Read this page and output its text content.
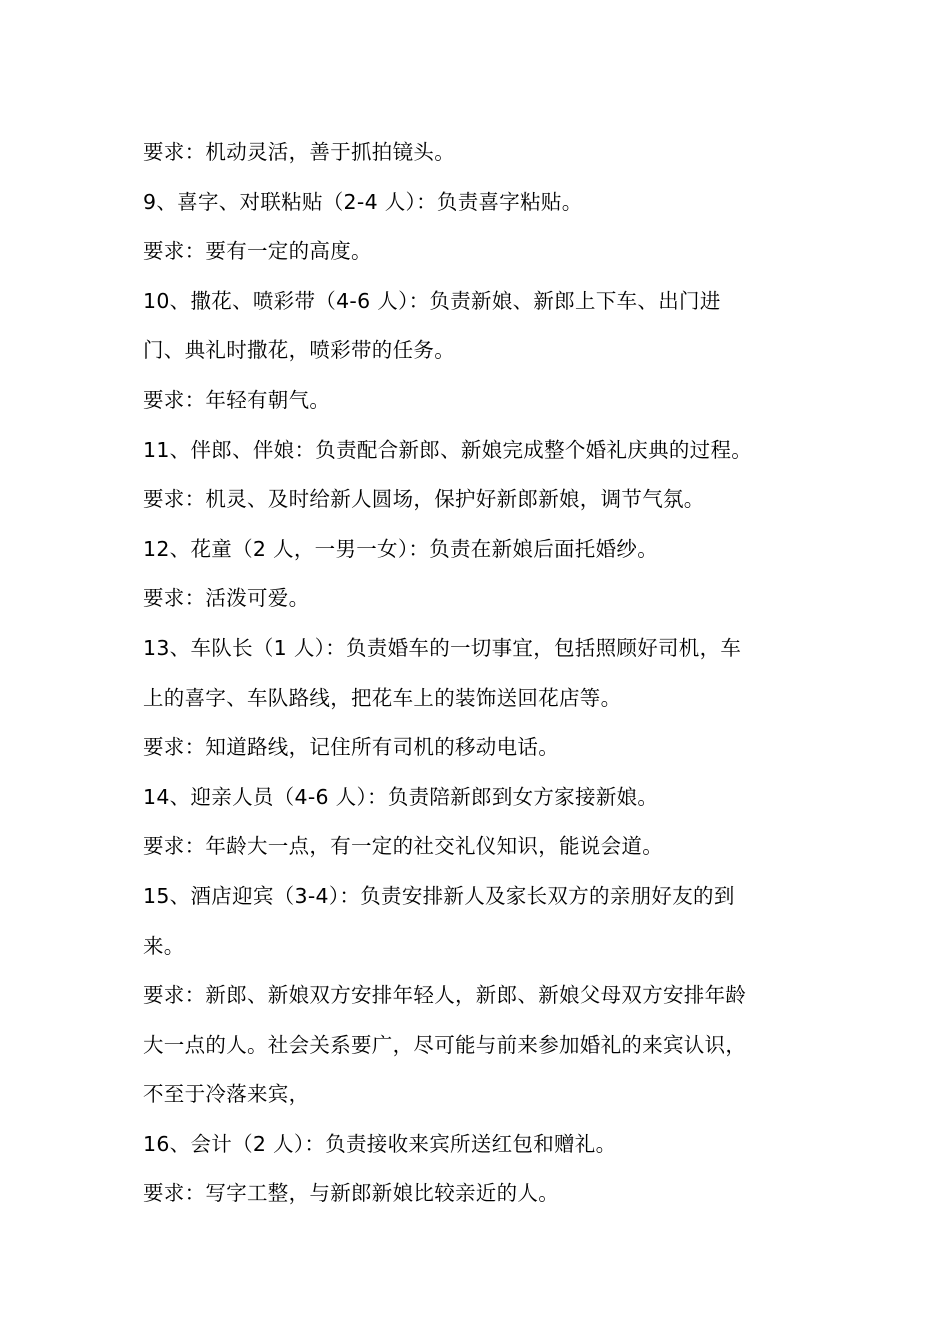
要求：机动灵活，善于抓拍镜头。
9、喜字、对联粘贴（2-4 人）：负责喜字粘贴。
要求：要有一定的高度。
10、撒花、喷彩带（4-6 人）：负责新娘、新郎上下车、出门进
门、典礼时撒花，喷彩带的任务。
要求：年轻有朝气。
11、伴郎、伴娘：负责配合新郎、新娘完成整个婚礼庆典的过程。
要求：机灵、及时给新人圆场，保护好新郎新娘，调节气氛。
12、花童（2 人，一男一女）：负责在新娘后面托婚纱。
要求：活泼可爱。
13、车队长（1 人）：负责婚车的一切事宜，包括照顾好司机，车
上的喜字、车队路线，把花车上的装饰送回花店等。
要求：知道路线，记住所有司机的移动电话。
14、迎亲人员（4-6 人）：负责陪新郎到女方家接新娘。
要求：年龄大一点，有一定的社交礼仪知识，能说会道。
15、酒店迎宾（3-4）：负责安排新人及家长双方的亲朋好友的到
来。
要求：新郎、新娘双方安排年轻人，新郎、新娘父母双方安排年龄
大一点的人。社会关系要广，尽可能与前来参加婚礼的来宾认识，
不至于冷落来宾，
16、会计（2 人）：负责接收来宾所送红包和赠礼。
要求：写字工整，与新郎新娘比较亲近的人。
